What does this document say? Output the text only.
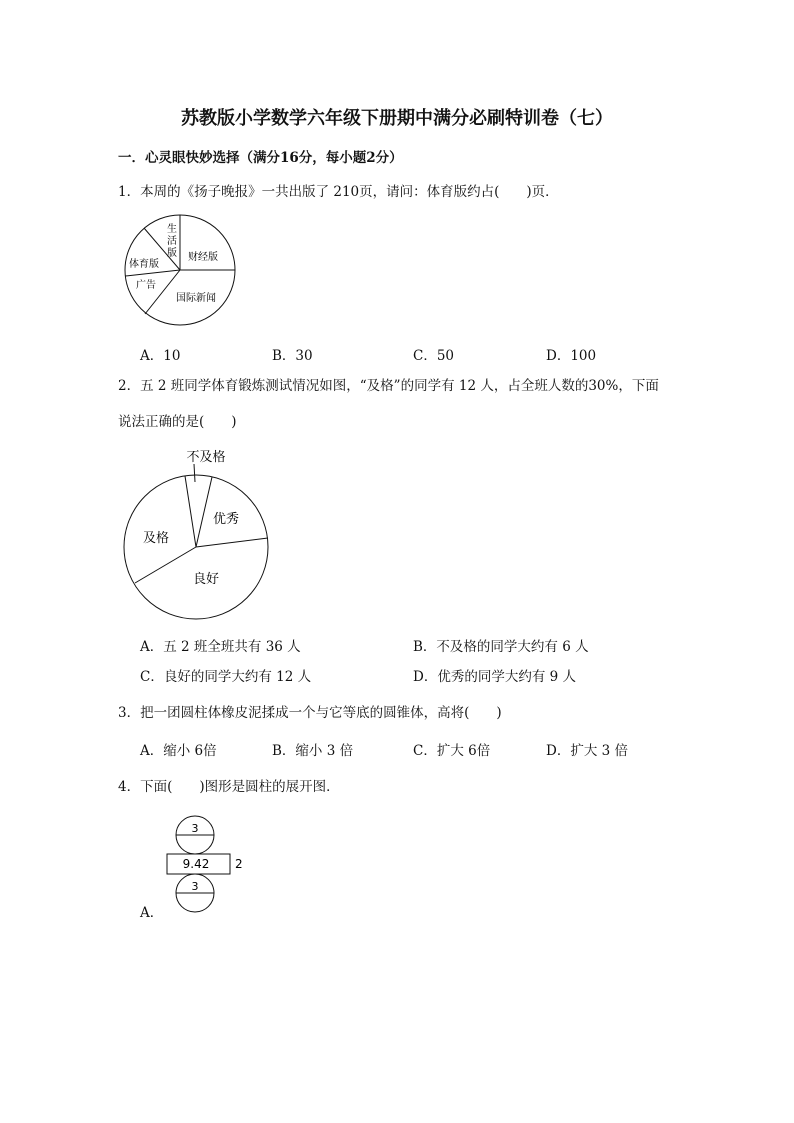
苏教版小学数学六年级下册期中满分必刷特训卷（七）
一．心灵眼快妙选择（满分16分，每小题2分）
1．本周的《扬子晚报》一共出版了 210页，请问：体育版约占(　　)页．
生
活
版 财经版
体育版
广告
国际新闻
A．10	B．30	C．50	D．100
2．五 2 班同学体育锻炼测试情况如图，“及格”的同学有 12 人，占全班人数的30%，下面
说法正确的是(　　)
不及格
优秀
及格
良好
A．五 2 班全班共有 36 人	B．不及格的同学大约有 6 人
C．良好的同学大约有 12 人	D．优秀的同学大约有 9 人
3．把一团圆柱体橡皮泥揉成一个与它等底的圆锥体，高将(　　)
A．缩小 6倍	B．缩小 3 倍	C．扩大 6倍	D．扩大 3 倍
4．下面(　　)图形是圆柱的展开图．
3
9.42 2
3
A．
